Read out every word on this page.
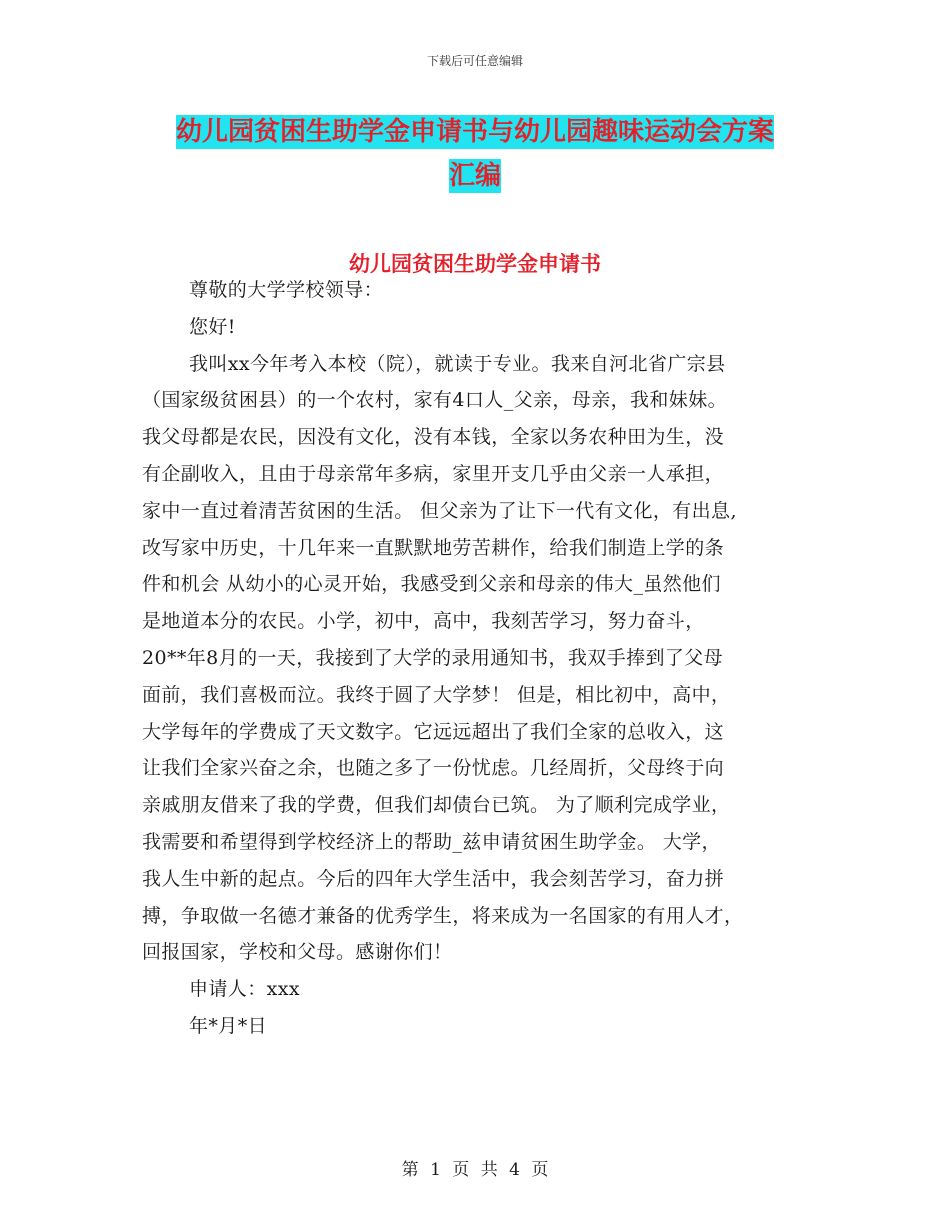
下载后可任意编辑
幼儿园贫困生助学金申请书与幼儿园趣味运动会方案
汇编
幼儿园贫困生助学金申请书
尊敬的大学学校领导：
您好!
我叫xx今年考入本校（院），就读于专业。我来自河北省广宗县
（国家级贫困县）的一个农村，家有4口人_父亲，母亲，我和妹妹。
我父母都是农民，因没有文化，没有本钱，全家以务农种田为生，没
有企副收入，且由于母亲常年多病，家里开支几乎由父亲一人承担，
家中一直过着清苦贫困的生活。 但父亲为了让下一代有文化，有出息,
改写家中历史，十几年来一直默默地劳苦耕作，给我们制造上学的条
件和机会 从幼小的心灵开始，我感受到父亲和母亲的伟大_虽然他们
是地道本分的农民。小学，初中，高中，我刻苦学习，努力奋斗，
20**年8月的一天，我接到了大学的录用通知书，我双手捧到了父母
面前，我们喜极而泣。我终于圆了大学梦！ 但是，相比初中，高中，
大学每年的学费成了天文数字。它远远超出了我们全家的总收入，这
让我们全家兴奋之余，也随之多了一份忧虑。几经周折，父母终于向
亲戚朋友借来了我的学费，但我们却债台已筑。 为了顺利完成学业，
我需要和希望得到学校经济上的帮助_兹申请贫困生助学金。 大学，
我人生中新的起点。今后的四年大学生活中，我会刻苦学习，奋力拼
搏，争取做一名德才兼备的优秀学生，将来成为一名国家的有用人才，
回报国家，学校和父母。感谢你们！
申请人：xxx
年*月*日
第 1 页 共 4 页
